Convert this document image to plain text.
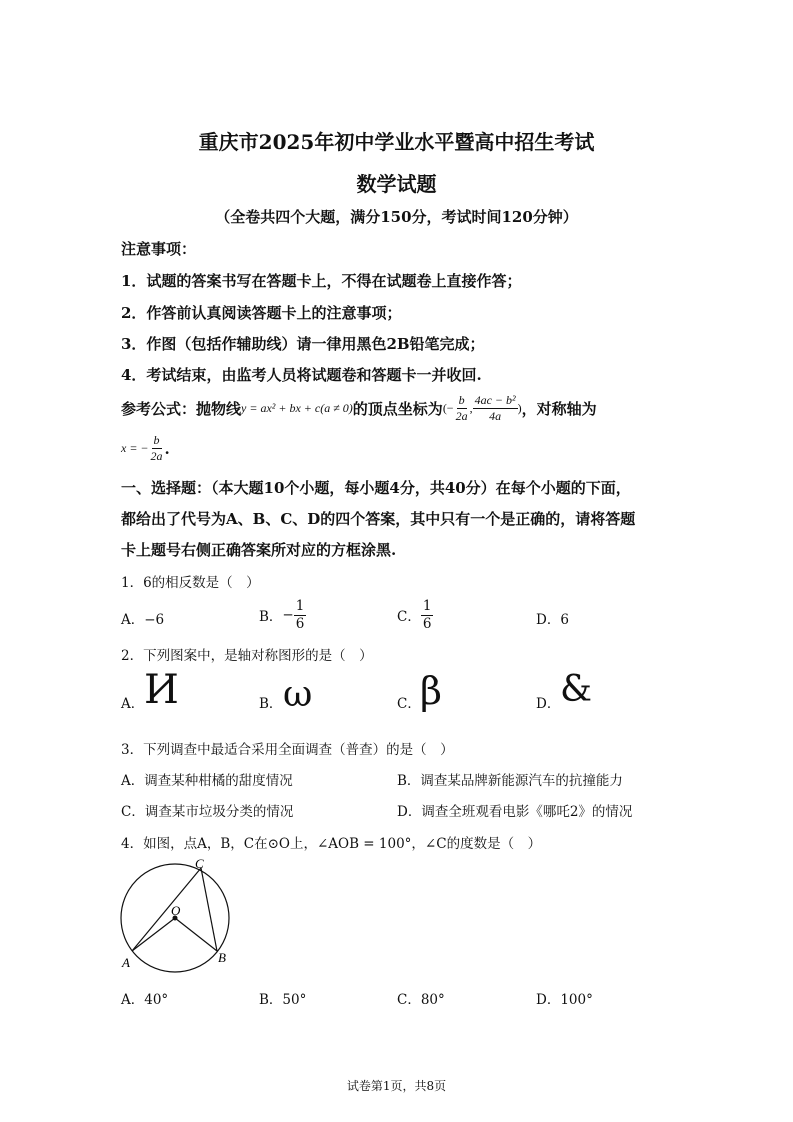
重庆市2025年初中学业水平暨高中招生考试
数学试题
（全卷共四个大题，满分150分，考试时间120分钟）
注意事项：
1．试题的答案书写在答题卡上，不得在试题卷上直接作答；
2．作答前认真阅读答题卡上的注意事项；
3．作图（包括作辅助线）请一律用黑色2B铅笔完成；
4．考试结束，由监考人员将试题卷和答题卡一并收回.
参考公式：抛物线 y = ax² + bx + c(a ≠ 0) 的顶点坐标为 (− $\frac{b}{2a}$ , $\frac{\text{4ac − b²}}{4a}$ ) ，对称轴为
x = − $\frac{b}{2a}$ .
一、选择题：（本大题10个小题，每小题4分，共40分）在每个小题的下面，
都给出了代号为A、B、C、D的四个答案，其中只有一个是正确的，请将答题
卡上题号右侧正确答案所对应的方框涂黑.
1．6的相反数是（　）
A．−6	B． − $\frac{1}{6}$	C． $\frac{1}{6}$	D．6
2．下列图案中，是轴对称图形的是（　）
A． И	B． ω	C． β	D． &
3．下列调查中最适合采用全面调查（普查）的是（　）
A．调查某种柑橘的甜度情况	B．调查某品牌新能源汽车的抗撞能力
C．调查某市垃圾分类的情况	D．调查全班观看电影《哪吒2》的情况
4．如图，点A，B，C在⊙O上，∠AOB = 100°，∠C的度数是（　）
C
O
A	B
A．40°	B．50°	C．80°	D．100°
试卷第1页，共8页
